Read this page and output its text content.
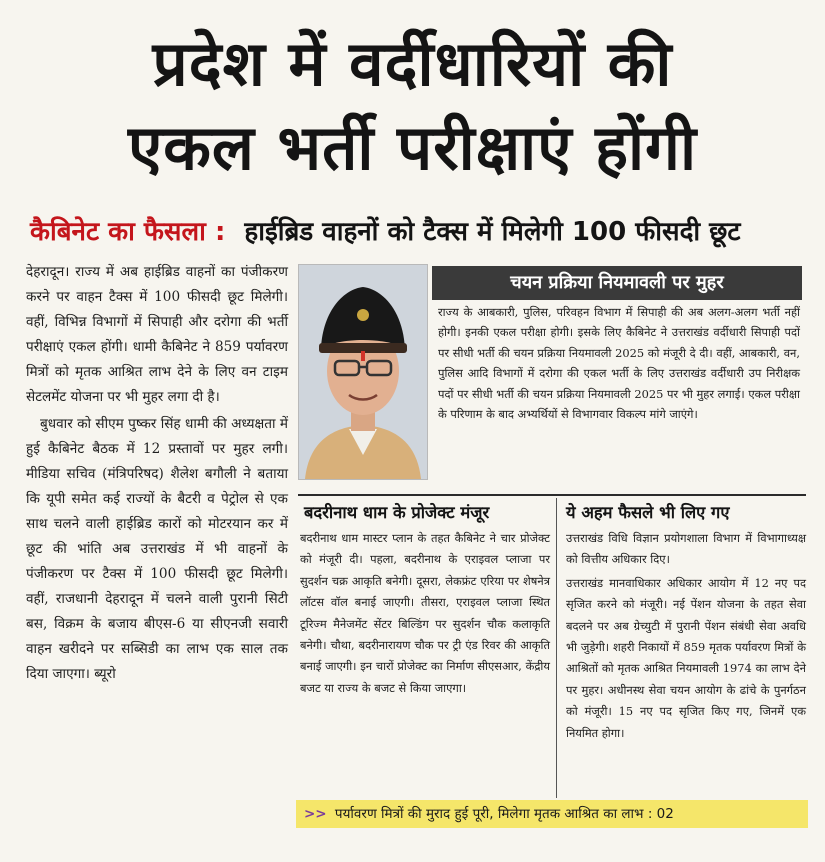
प्रदेश में वर्दीधारियों की
एकल भर्ती परीक्षाएं होंगी
कैबिनेट का फैसला : हाईब्रिड वाहनों को टैक्स में मिलेगी 100 फीसदी छूट

देहरादून। राज्य में अब हाईब्रिड वाहनों का पंजीकरण करने पर वाहन टैक्स में 100 फीसदी छूट मिलेगी। वहीं, विभिन्न विभागों में सिपाही और दरोगा की भर्ती परीक्षाएं एकल होंगी। धामी कैबिनेट ने 859 पर्यावरण मित्रों को मृतक आश्रित लाभ देने के लिए वन टाइम सेटलमेंट योजना पर भी मुहर लगा दी है।

बुधवार को सीएम पुष्कर सिंह धामी की अध्यक्षता में हुई कैबिनेट बैठक में 12 प्रस्तावों पर मुहर लगी। मीडिया सचिव (मंत्रिपरिषद) शैलेश बगौली ने बताया कि यूपी समेत कई राज्यों के बैटरी व पेट्रोल से एक साथ चलने वाली हाईब्रिड कारों को मोटरयान कर में छूट की भांति अब उत्तराखंड में भी वाहनों के पंजीकरण पर टैक्स में 100 फीसदी छूट मिलेगी। वहीं, राजधानी देहरादून में चलने वाली पुरानी सिटी बस, विक्रम के बजाय बीएस-6 या सीएनजी सवारी वाहन खरीदने पर सब्सिडी का लाभ एक साल तक दिया जाएगा। ब्यूरो

चयन प्रक्रिया नियमावली पर मुहर

राज्य के आबकारी, पुलिस, परिवहन विभाग में सिपाही की अब अलग-अलग भर्ती नहीं होगी। इनकी एकल परीक्षा होगी। इसके लिए कैबिनेट ने उत्तराखंड वर्दीधारी सिपाही पदों पर सीधी भर्ती की चयन प्रक्रिया नियमावली 2025 को मंजूरी दे दी। वहीं, आबकारी, वन, पुलिस आदि विभागों में दरोगा की एकल भर्ती के लिए उत्तराखंड वर्दीधारी उप निरीक्षक पदों पर सीधी भर्ती की चयन प्रक्रिया नियमावली 2025 पर भी मुहर लगाई। एकल परीक्षा के परिणाम के बाद अभ्यर्थियों से विभागवार विकल्प मांगे जाएंगे।

बदरीनाथ धाम के प्रोजेक्ट मंजूर

बदरीनाथ धाम मास्टर प्लान के तहत कैबिनेट ने चार प्रोजेक्ट को मंजूरी दी। पहला, बदरीनाथ के एराइवल प्लाजा पर सुदर्शन चक्र आकृति बनेगी। दूसरा, लेकफ्रंट एरिया पर शेषनेत्र लॉटस वॉल बनाई जाएगी। तीसरा, एराइवल प्लाजा स्थित टूरिज्म मैनेजमेंट सेंटर बिल्डिंग पर सुदर्शन चौक कलाकृति बनेगी। चौथा, बदरीनारायण चौक पर ट्री एंड रिवर की आकृति बनाई जाएगी। इन चारों प्रोजेक्ट का निर्माण सीएसआर, केंद्रीय बजट या राज्य के बजट से किया जाएगा।

ये अहम फैसले भी लिए गए

उत्तराखंड विधि विज्ञान प्रयोगशाला विभाग में विभागाध्यक्ष को वित्तीय अधिकार दिए।

उत्तराखंड मानवाधिकार अधिकार आयोग में 12 नए पद सृजित करने को मंजूरी। नई पेंशन योजना के तहत सेवा बदलने पर अब ग्रेच्युटी में पुरानी पेंशन संबंधी सेवा अवधि भी जुड़ेगी। शहरी निकायों में 859 मृतक पर्यावरण मित्रों के आश्रितों को मृतक आश्रित नियमावली 1974 का लाभ देने पर मुहर। अधीनस्थ सेवा चयन आयोग के ढांचे के पुनर्गठन को मंजूरी। 15 नए पद सृजित किए गए, जिनमें एक नियमित होगा।

>> पर्यावरण मित्रों की मुराद हुई पूरी, मिलेगा मृतक आश्रित का लाभ : 02
